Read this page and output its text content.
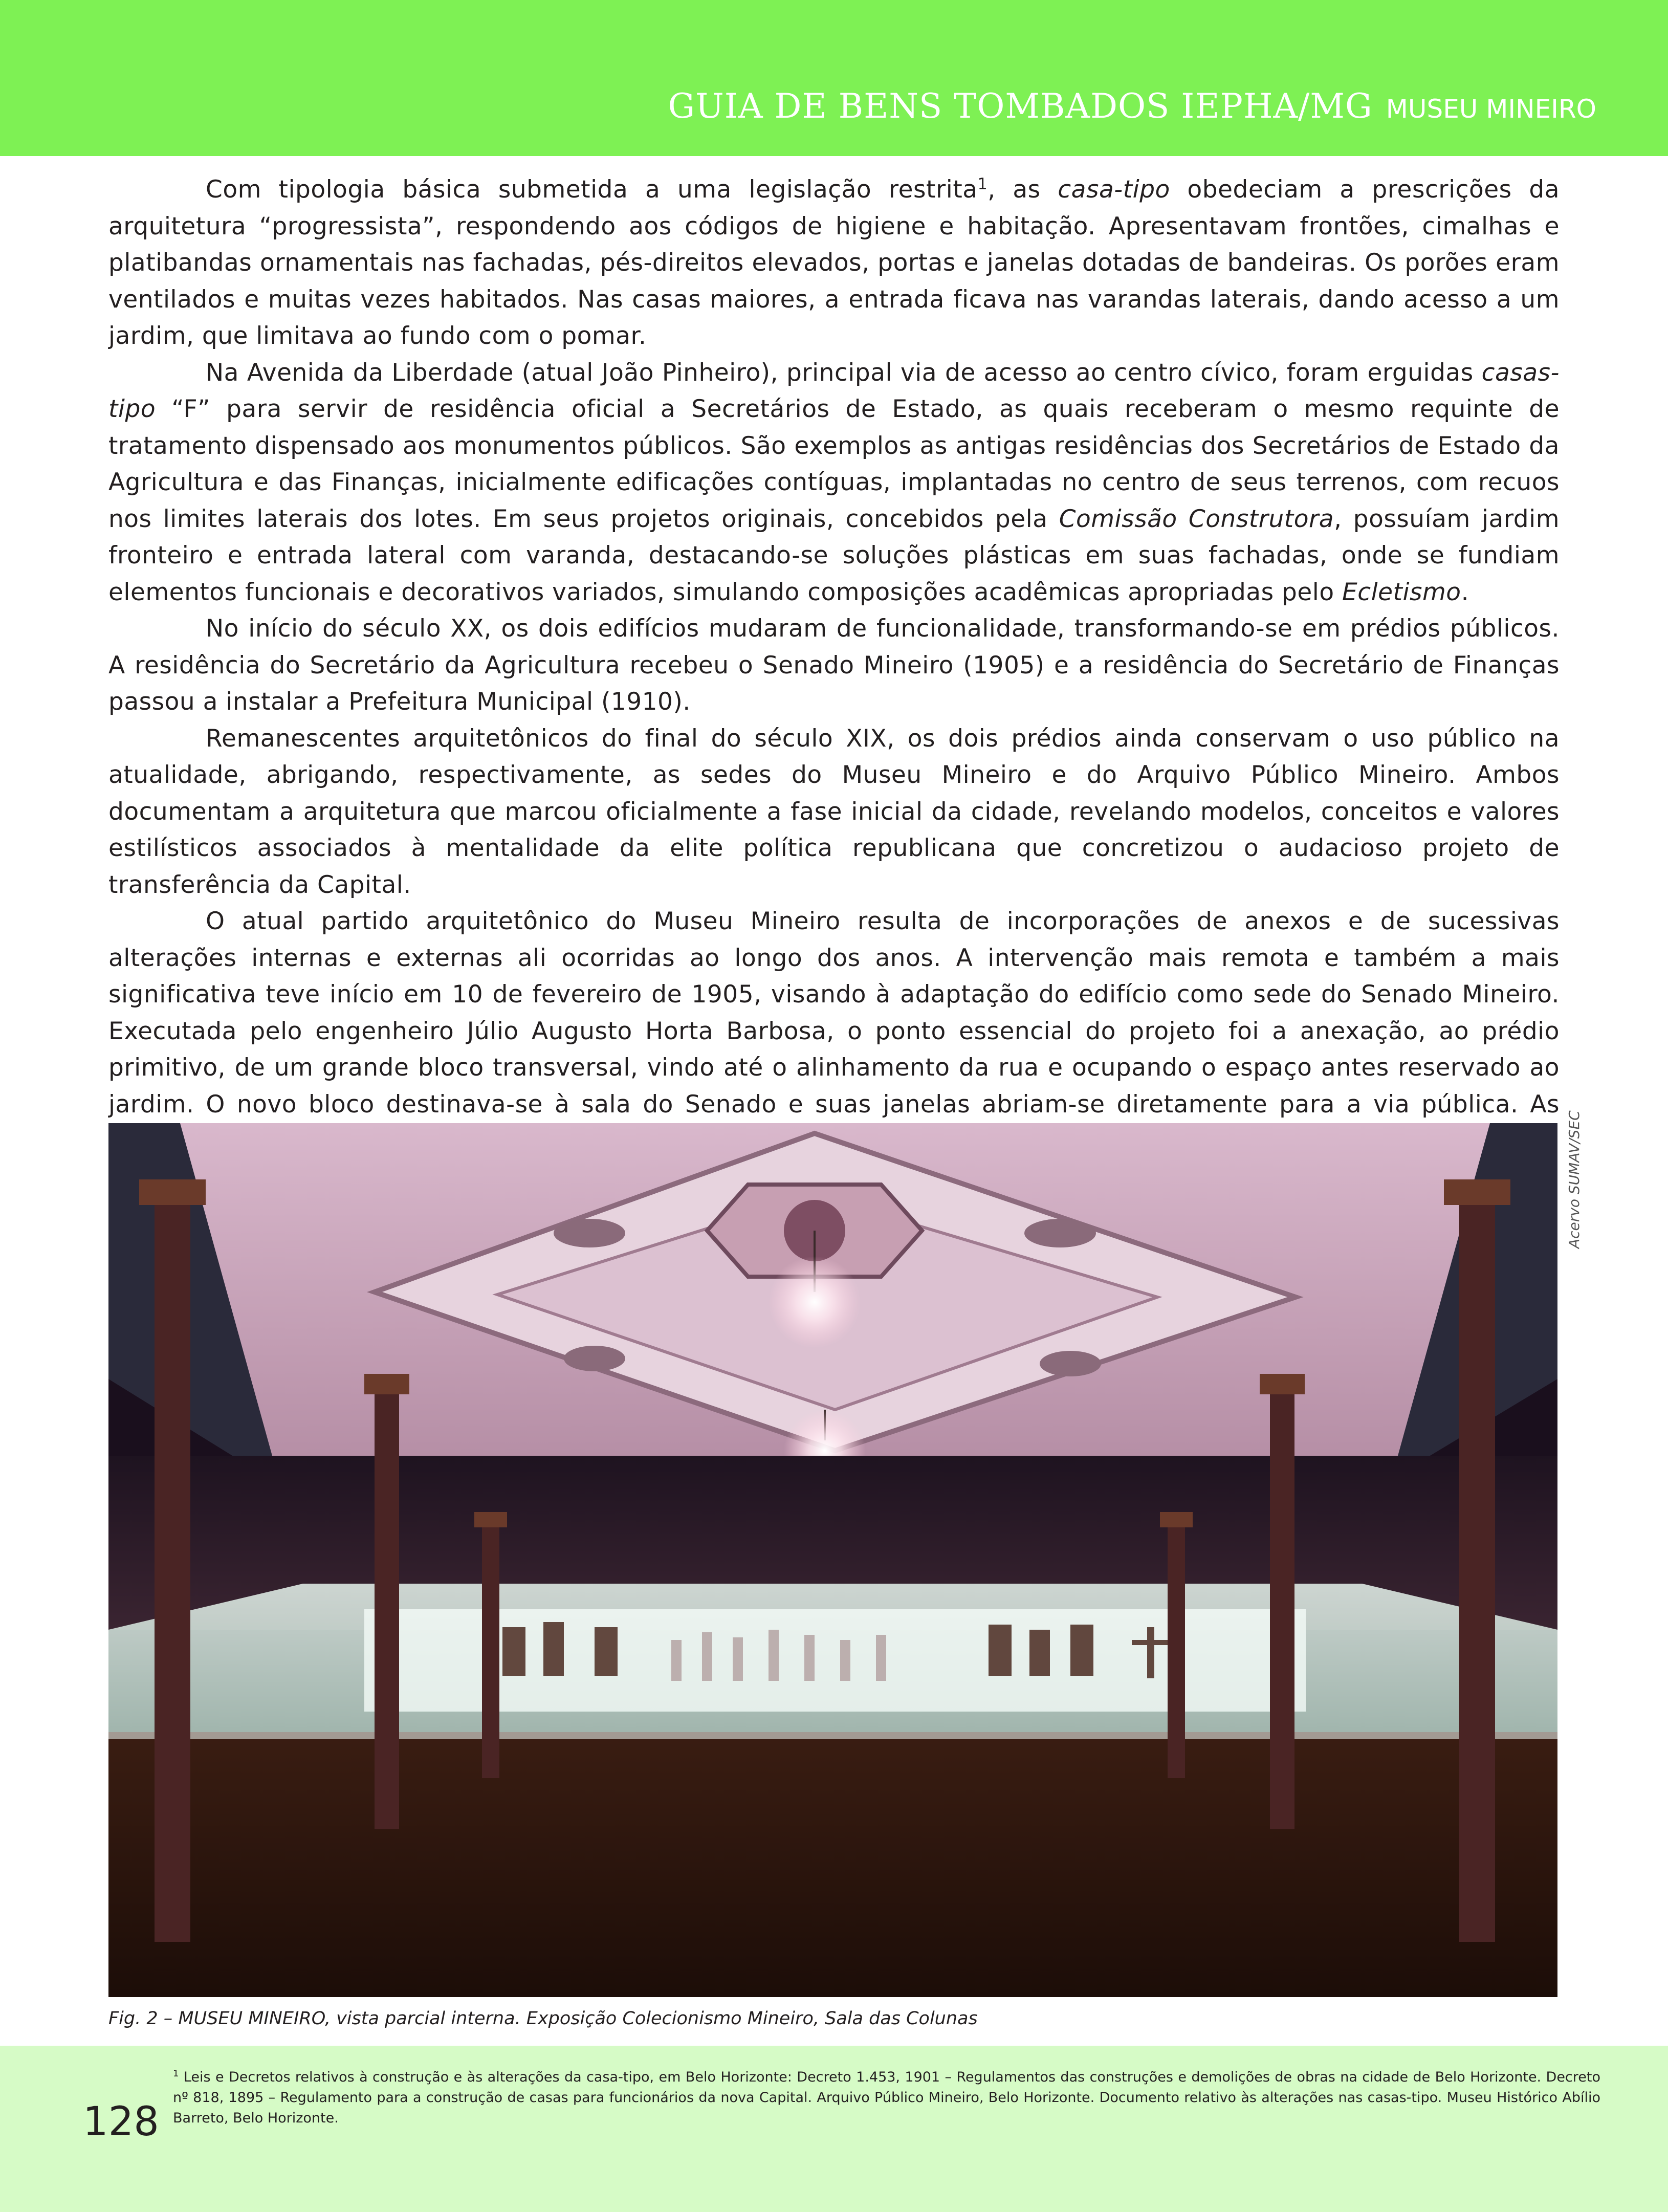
GUIA DE BENS TOMBADOS IEPHA/MG MUSEU MINEIRO

Com tipologia básica submetida a uma legislação restrita$^1$, as casa-tipo obedeciam a prescrições da arquitetura “progressista”, respondendo aos códigos de higiene e habitação. Apresentavam frontões, cimalhas e platibandas ornamentais nas fachadas, pés-direitos elevados, portas e janelas dotadas de bandeiras. Os porões eram ventilados e muitas vezes habitados. Nas casas maiores, a entrada ficava nas varandas laterais, dando acesso a um jardim, que limitava ao fundo com o pomar.

Na Avenida da Liberdade (atual João Pinheiro), principal via de acesso ao centro cívico, foram erguidas casas-tipo “F” para servir de residência oficial a Secretários de Estado, as quais receberam o mesmo requinte de tratamento dispensado aos monumentos públicos. São exemplos as antigas residências dos Secretários de Estado da Agricultura e das Finanças, inicialmente edificações contíguas, implantadas no centro de seus terrenos, com recuos nos limites laterais dos lotes. Em seus projetos originais, concebidos pela Comissão Construtora, possuíam jardim fronteiro e entrada lateral com varanda, destacando-se soluções plásticas em suas fachadas, onde se fundiam elementos funcionais e decorativos variados, simulando composições acadêmicas apropriadas pelo Ecletismo.

No início do século XX, os dois edifícios mudaram de funcionalidade, transformando-se em prédios públicos. A residência do Secretário da Agricultura recebeu o Senado Mineiro (1905) e a residência do Secretário de Finanças passou a instalar a Prefeitura Municipal (1910).

Remanescentes arquitetônicos do final do século XIX, os dois prédios ainda conservam o uso público na atualidade, abrigando, respectivamente, as sedes do Museu Mineiro e do Arquivo Público Mineiro. Ambos documentam a arquitetura que marcou oficialmente a fase inicial da cidade, revelando modelos, conceitos e valores estilísticos associados à mentalidade da elite política republicana que concretizou o audacioso projeto de transferência da Capital.

O atual partido arquitetônico do Museu Mineiro resulta de incorporações de anexos e de sucessivas alterações internas e externas ali ocorridas ao longo dos anos. A intervenção mais remota e também a mais significativa teve início em 10 de fevereiro de 1905, visando à adaptação do edifício como sede do Senado Mineiro. Executada pelo engenheiro Júlio Augusto Horta Barbosa, o ponto essencial do projeto foi a anexação, ao prédio primitivo, de um grande bloco transversal, vindo até o alinhamento da rua e ocupando o espaço antes reservado ao jardim. O novo bloco destinava-se à sala do Senado e suas janelas abriam-se diretamente para a via pública. As

Acervo SUMAV/SEC
Fig. 2 – MUSEU MINEIRO, vista parcial interna. Exposição Colecionismo Mineiro, Sala das Colunas
128
$^1$ Leis e Decretos relativos à construção e às alterações da casa-tipo, em Belo Horizonte: Decreto 1.453, 1901 – Regulamentos das construções e demolições de obras na cidade de Belo Horizonte. Decreto nº 818, 1895 – Regulamento para a construção de casas para funcionários da nova Capital. Arquivo Público Mineiro, Belo Horizonte. Documento relativo às alterações nas casas-tipo. Museu Histórico Abílio Barreto, Belo Horizonte.
